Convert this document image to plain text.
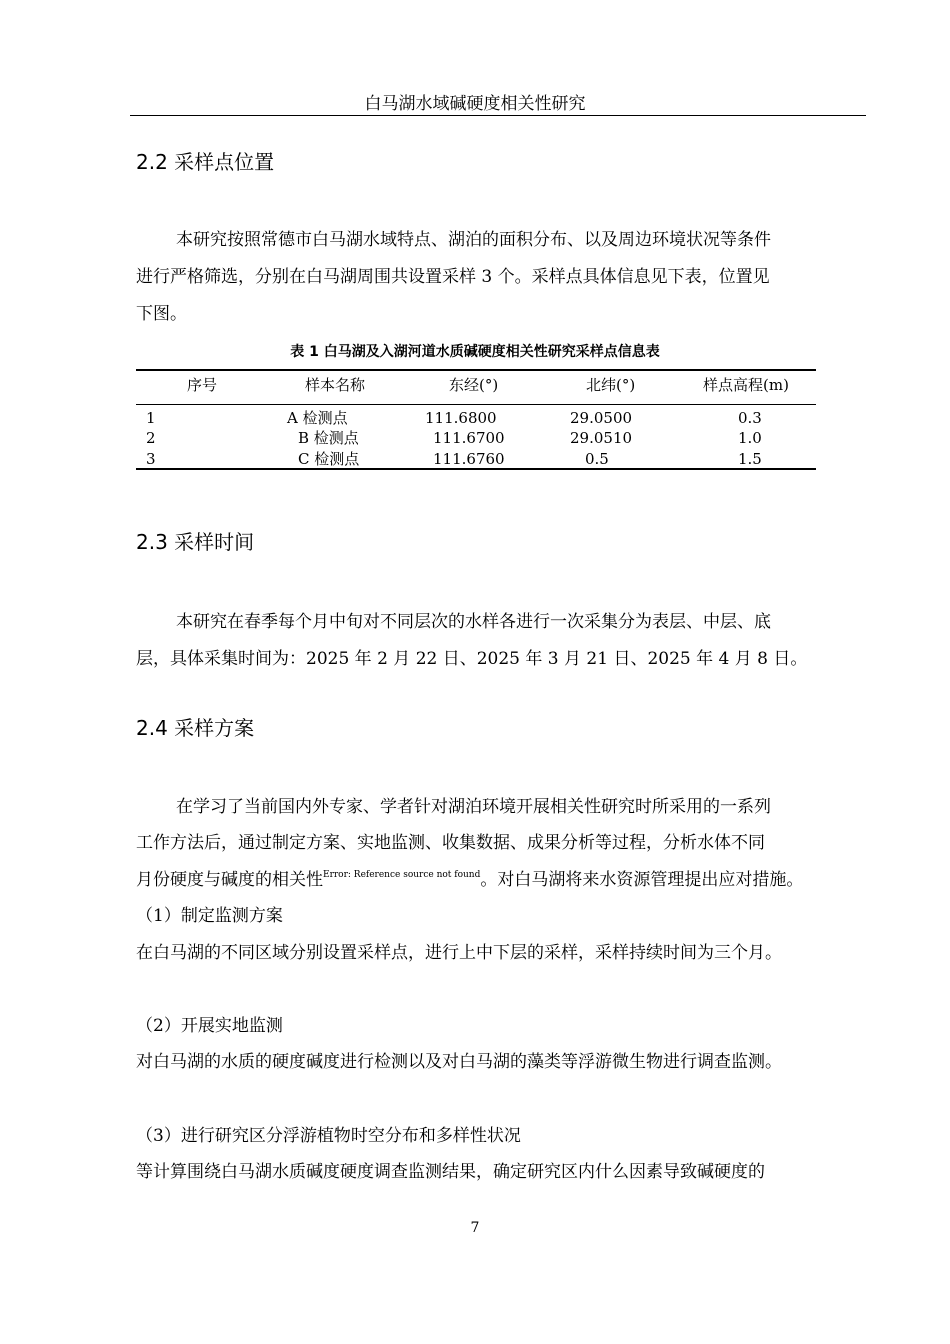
白马湖水域碱硬度相关性研究
2.2 采样点位置
本研究按照常德市白马湖水域特点、湖泊的面积分布、以及周边环境状况等条件
进行严格筛选，分别在白马湖周围共设置采样 3 个。采样点具体信息见下表，位置见
下图。
表 1 白马湖及入湖河道水质碱硬度相关性研究采样点信息表
序号	样本名称	东经(°)	北纬(°)	样点高程(m)
1	A 检测点	111.6800	29.0500	0.3
2	B 检测点	111.6700	29.0510	1.0
3	C 检测点	111.6760	0.5	1.5
2.3 采样时间
本研究在春季每个月中旬对不同层次的水样各进行一次采集分为表层、中层、底
层，具体采集时间为：2025 年 2 月 22 日、2025 年 3 月 21 日、2025 年 4 月 8 日。
2.4 采样方案
在学习了当前国内外专家、学者针对湖泊环境开展相关性研究时所采用的一系列
工作方法后，通过制定方案、实地监测、收集数据、成果分析等过程，分析水体不同
月份硬度与碱度的相关性$^{Error: Reference source not found}$。对白马湖将来水资源管理提出应对措施。
（1）制定监测方案
在白马湖的不同区域分别设置采样点，进行上中下层的采样，采样持续时间为三个月。
（2）开展实地监测
对白马湖的水质的硬度碱度进行检测以及对白马湖的藻类等浮游微生物进行调查监测。
（3）进行研究区分浮游植物时空分布和多样性状况
等计算围绕白马湖水质碱度硬度调查监测结果，确定研究区内什么因素导致碱硬度的
7
